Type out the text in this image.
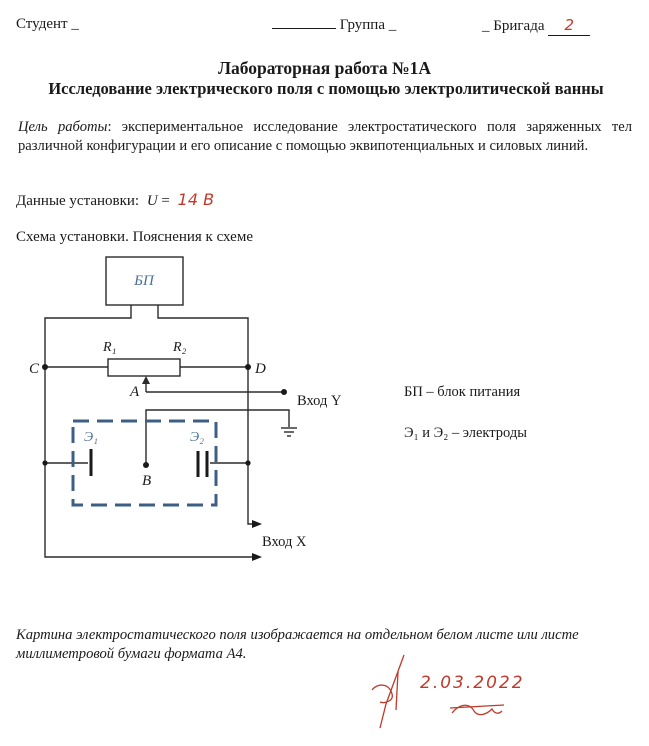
Студент _	Группа _	_ Бригада 2
Лабораторная работа №1А
Исследование электрического поля с помощью электролитической ванны
Цель работы: экспериментальное исследование электростатического поля заряженных тел различной конфигурации и его описание с помощью эквипотенциальных и силовых линий.
Данные установки: U = 14 В
Схема установки. Пояснения к схеме
БП
R₁	R₂
C	D
A
B
Э₁	Э₂
Вход Y
Вход X
2.03.2022
БП – блок питания
Э₁ и Э₂ – электроды
Картина электростатического поля изображается на отдельном белом листе или листе миллиметровой бумаги формата А4.
